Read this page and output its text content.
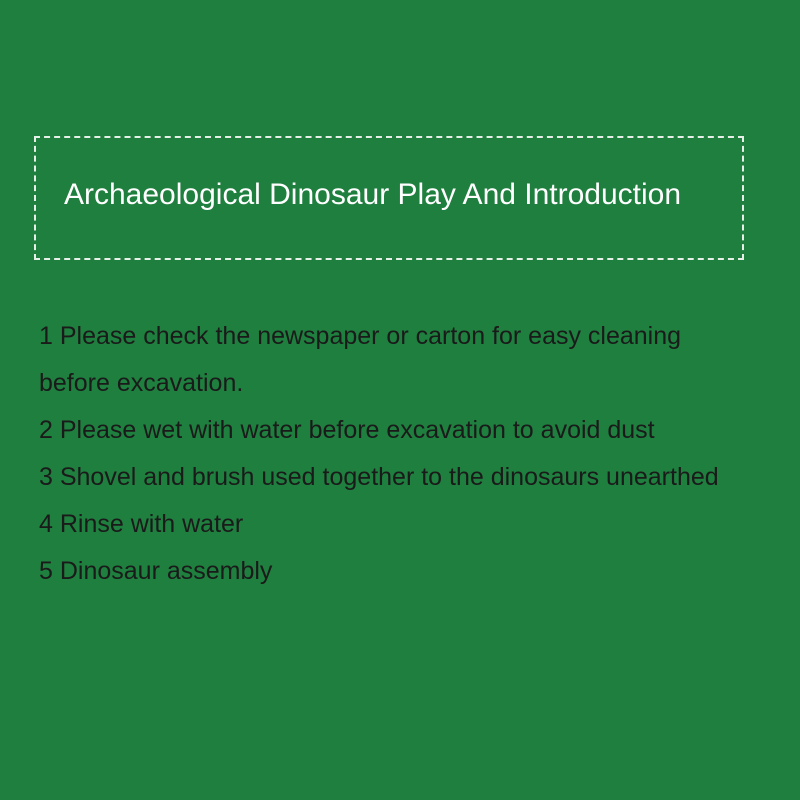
Archaeological Dinosaur Play And Introduction
1 Please check the newspaper or carton for easy cleaning
before excavation.
2 Please wet with water before excavation to avoid dust
3 Shovel and brush used together to the dinosaurs unearthed
4 Rinse with water
5 Dinosaur assembly
